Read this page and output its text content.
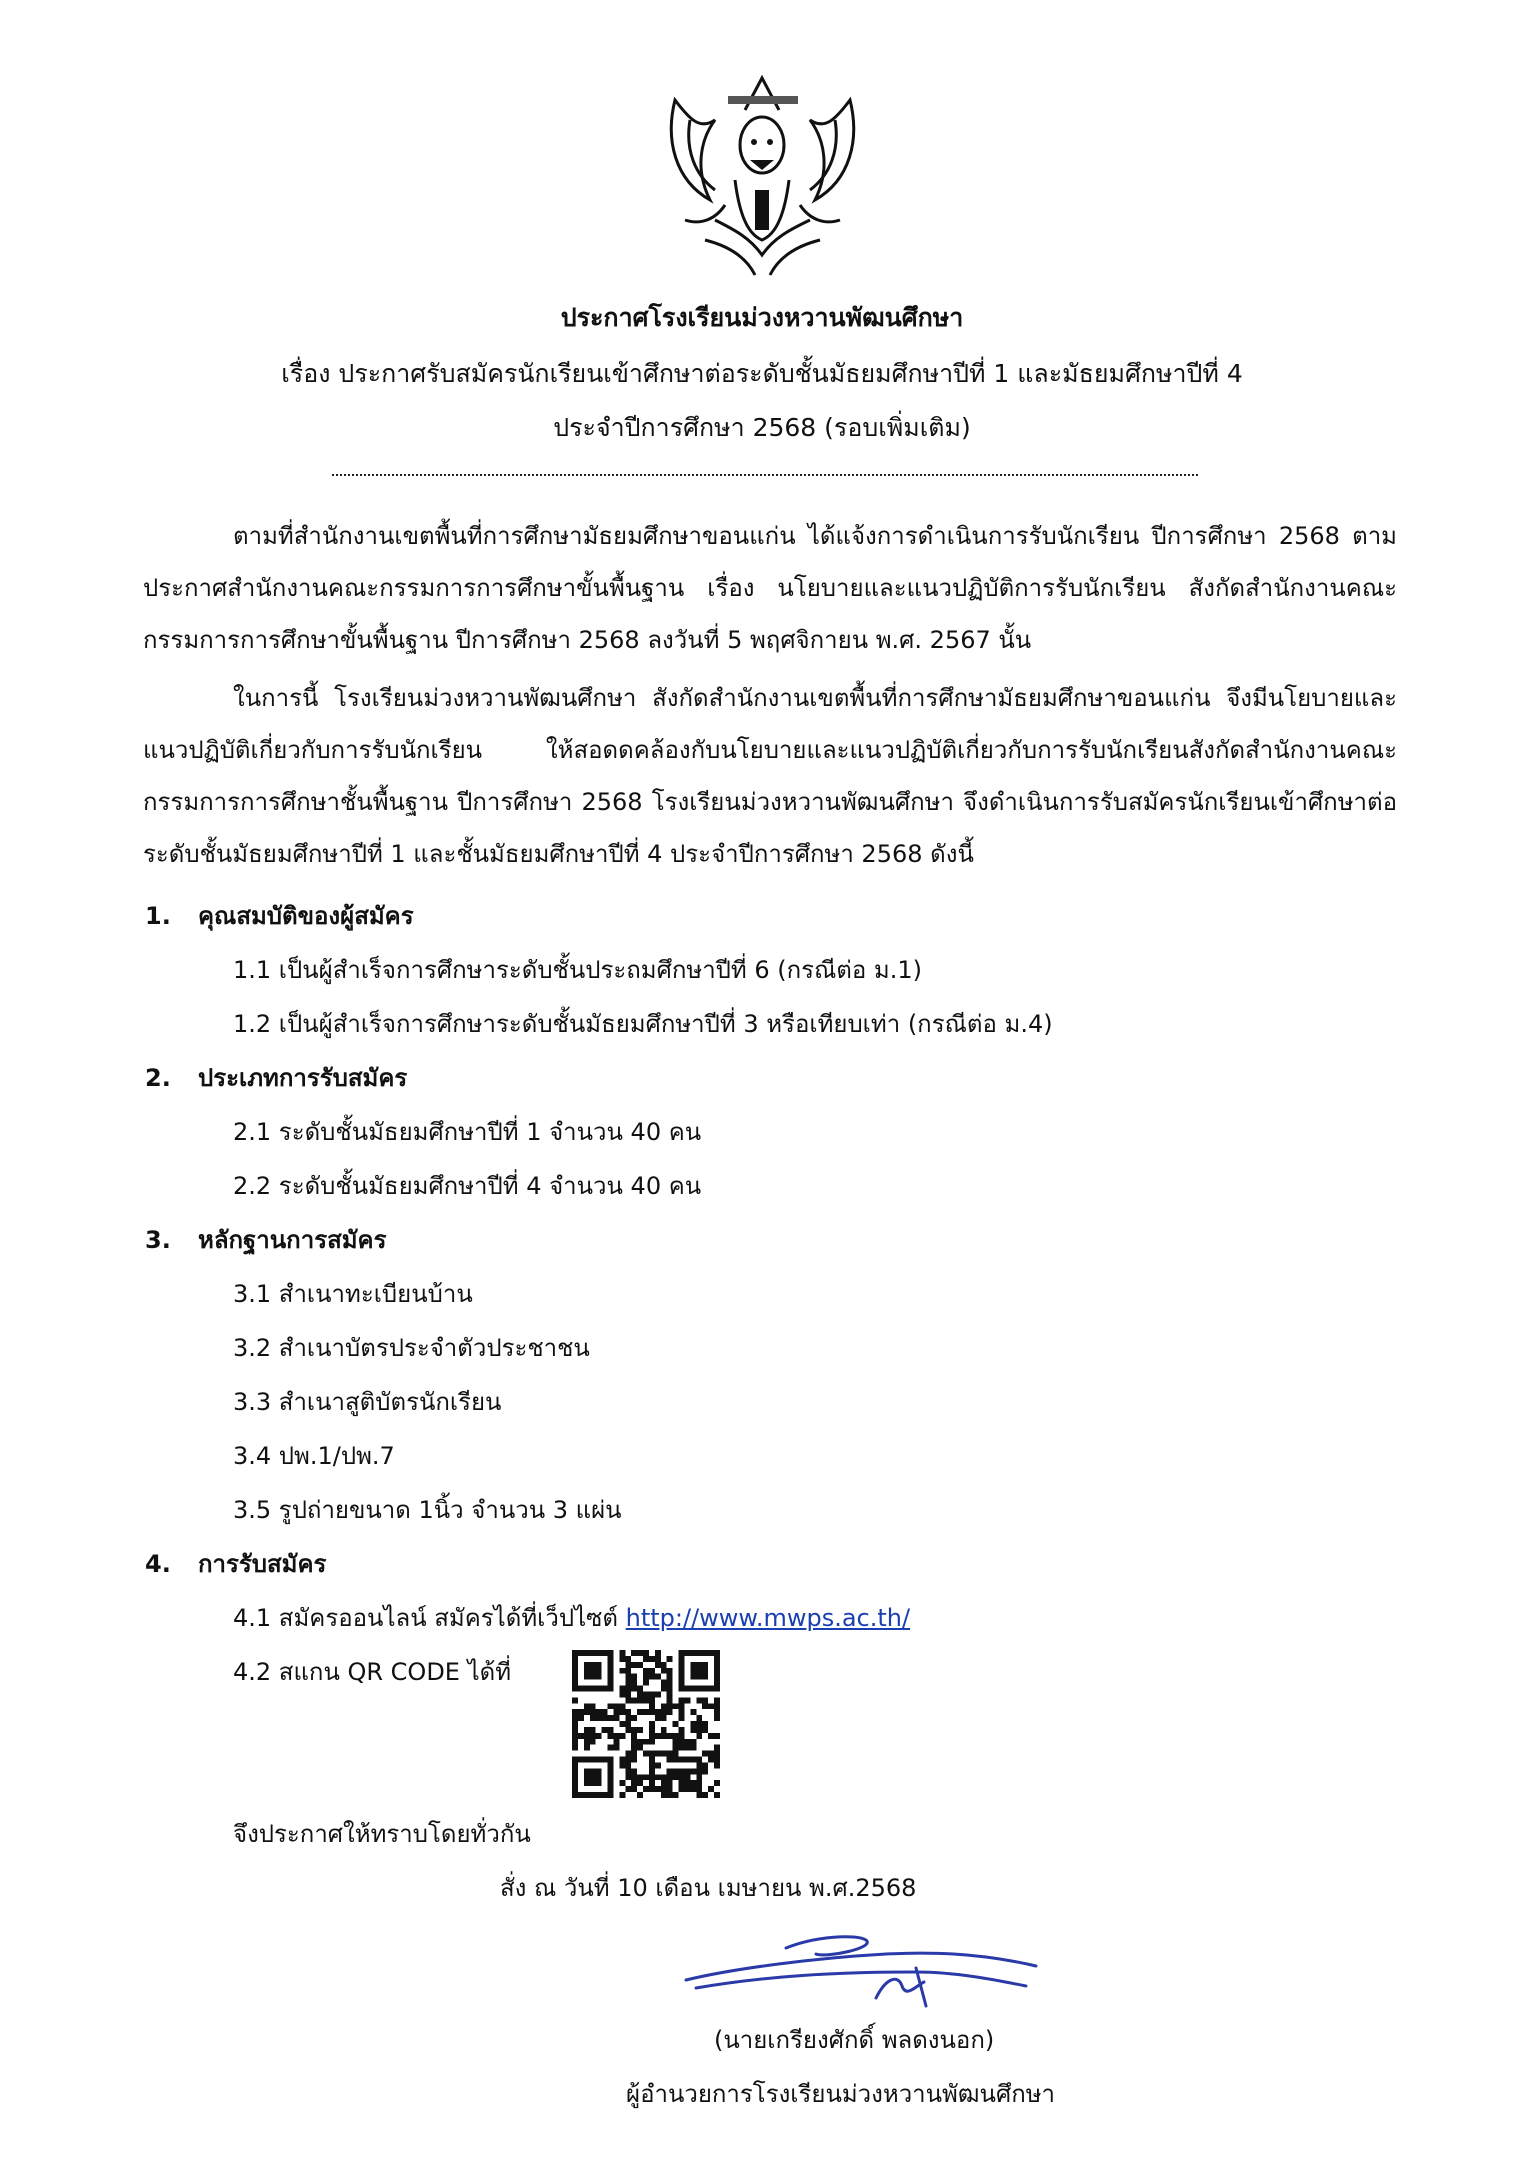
ประกาศโรงเรียนม่วงหวานพัฒนศึกษา
เรื่อง ประกาศรับสมัครนักเรียนเข้าศึกษาต่อระดับชั้นมัธยมศึกษาปีที่ 1 และมัธยมศึกษาปีที่ 4
ประจำปีการศึกษา 2568 (รอบเพิ่มเติม)
ตามที่สำนักงานเขตพื้นที่การศึกษามัธยมศึกษาขอนแก่น ได้แจ้งการดำเนินการรับนักเรียน ปีการศึกษา 2568 ตามประกาศสำนักงานคณะกรรมการการศึกษาขั้นพื้นฐาน เรื่อง นโยบายและแนวปฏิบัติการรับนักเรียน สังกัดสำนักงานคณะกรรมการการศึกษาขั้นพื้นฐาน ปีการศึกษา 2568 ลงวันที่ 5 พฤศจิกายน พ.ศ. 2567 นั้น
ในการนี้ โรงเรียนม่วงหวานพัฒนศึกษา สังกัดสำนักงานเขตพื้นที่การศึกษามัธยมศึกษาขอนแก่น จึงมีนโยบายและแนวปฏิบัติเกี่ยวกับการรับนักเรียน ให้สอดดคล้องกับนโยบายและแนวปฏิบัติเกี่ยวกับการรับนักเรียนสังกัดสำนักงานคณะกรรมการการศึกษาชั้นพื้นฐาน ปีการศึกษา 2568 โรงเรียนม่วงหวานพัฒนศึกษา จึงดำเนินการรับสมัครนักเรียนเข้าศึกษาต่อระดับชั้นมัธยมศึกษาปีที่ 1 และชั้นมัธยมศึกษาปีที่ 4 ประจำปีการศึกษา 2568 ดังนี้
1. คุณสมบัติของผู้สมัคร
1.1 เป็นผู้สำเร็จการศึกษาระดับชั้นประถมศึกษาปีที่ 6 (กรณีต่อ ม.1)
1.2 เป็นผู้สำเร็จการศึกษาระดับชั้นมัธยมศึกษาปีที่ 3 หรือเทียบเท่า (กรณีต่อ ม.4)
2. ประเภทการรับสมัคร
2.1 ระดับชั้นมัธยมศึกษาปีที่ 1 จำนวน 40 คน
2.2 ระดับชั้นมัธยมศึกษาปีที่ 4 จำนวน 40 คน
3. หลักฐานการสมัคร
3.1 สำเนาทะเบียนบ้าน
3.2 สำเนาบัตรประจำตัวประชาชน
3.3 สำเนาสูติบัตรนักเรียน
3.4 ปพ.1/ปพ.7
3.5 รูปถ่ายขนาด 1นิ้ว จำนวน 3 แผ่น
4. การรับสมัคร
4.1 สมัครออนไลน์ สมัครได้ที่เว็ปไซต์ http://www.mwps.ac.th/
4.2 สแกน QR CODE ได้ที่
จึงประกาศให้ทราบโดยทั่วกัน
สั่ง ณ วันที่ 10 เดือน เมษายน พ.ศ.2568
(นายเกรียงศักดิ์ พลดงนอก)
ผู้อำนวยการโรงเรียนม่วงหวานพัฒนศึกษา
